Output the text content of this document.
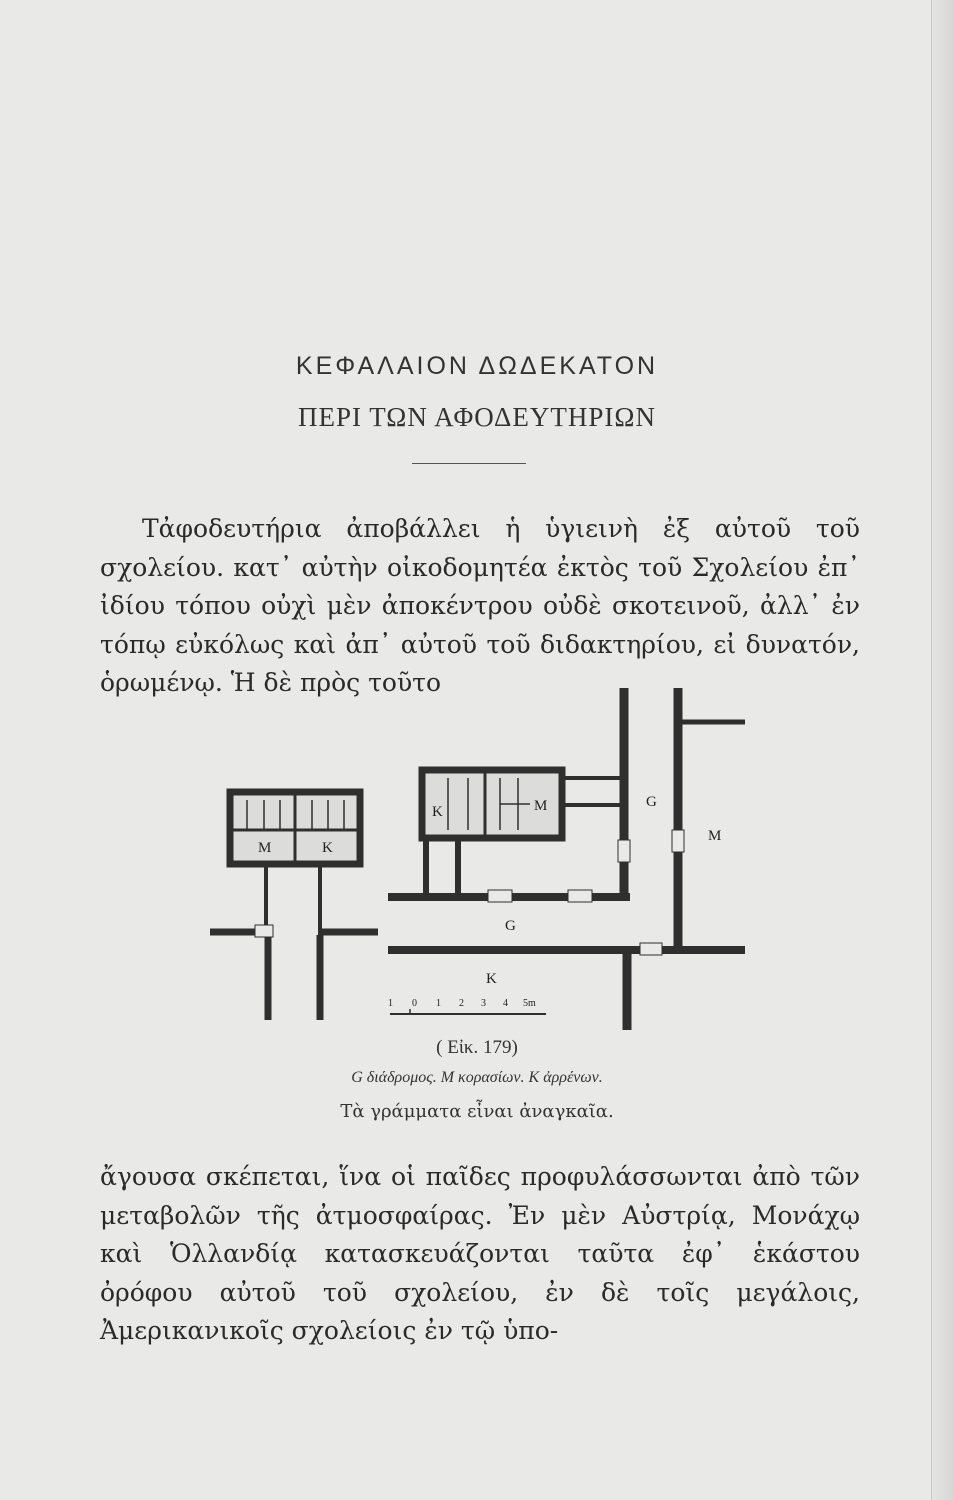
ΚΕΦΑΛΑΙΟΝ ΔΩΔΕΚΑΤΟΝ
ΠΕΡΙ ΤΩΝ ΑΦΟΔΕΥΤΗΡΙΩΝ

Τἀφοδευτήρια ἀποβάλλει ἡ ὑγιεινὴ ἐξ αὐτοῦ τοῦ σχολείου. κατ᾽ αὐτὴν οἰκοδομητέα ἐκτὸς τοῦ Σχολείου ἐπ᾽ ἰδίου τόπου οὐχὶ μὲν ἀποκέντρου οὐδὲ σκοτεινοῦ, ἀλλ᾽ ἐν τόπῳ εὐκόλως καὶ ἀπ᾽ αὐτοῦ τοῦ διδακτηρίου, εἰ δυνατόν, ὁρωμένῳ. Ἡ δὲ πρὸς τοῦτο

M	K
K	M	G
M
G
K
1 0 1 2 3 4 5m
( Εἰκ. 179)
G διάδρομος. M κορασίων. K ἀρρένων.
Τὰ γράμματα εἶναι ἀναγκαῖα.

ἄγουσα σκέπεται, ἵνα οἱ παῖδες προφυλάσσωνται ἀπὸ τῶν μεταβολῶν τῆς ἀτμοσφαίρας. Ἐν μὲν Αὐστρίᾳ, Μονάχῳ καὶ Ὁλλανδίᾳ κατασκευάζονται ταῦτα ἐφ᾽ ἑκάστου ὀρόφου αὐτοῦ τοῦ σχολείου, ἐν δὲ τοῖς μεγάλοις, Ἀμερικανικοῖς σχολείοις ἐν τῷ ὑπο-
